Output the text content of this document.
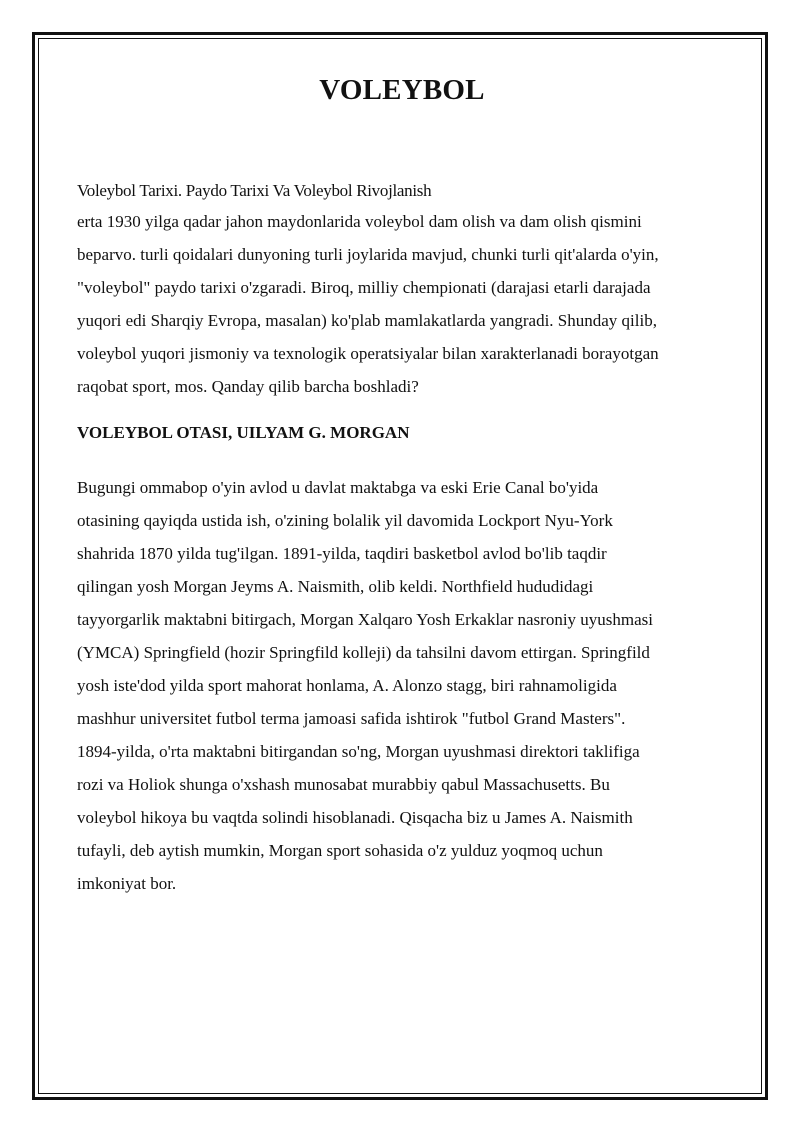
VOLEYBOL

Voleybol Tarixi. Paydo Tarixi Va Voleybol Rivojlanish

erta 1930 yilga qadar jahon maydonlarida voleybol dam olish va dam olish qismini
beparvo. turli qoidalari dunyoning turli joylarida mavjud, chunki turli qit'alarda o'yin,
"voleybol" paydo tarixi o'zgaradi. Biroq, milliy chempionati (darajasi etarli darajada
yuqori edi Sharqiy Evropa, masalan) ko'plab mamlakatlarda yangradi. Shunday qilib,
voleybol yuqori jismoniy va texnologik operatsiyalar bilan xarakterlanadi borayotgan
raqobat sport, mos. Qanday qilib barcha boshladi?

VOLEYBOL OTASI, UILYAM G. MORGAN

Bugungi ommabop o'yin avlod u davlat maktabga va eski Erie Canal bo'yida
otasining qayiqda ustida ish, o'zining bolalik yil davomida Lockport Nyu-York
shahrida 1870 yilda tug'ilgan. 1891-yilda, taqdiri basketbol avlod bo'lib taqdir
qilingan yosh Morgan Jeyms A. Naismith, olib keldi. Northfield hududidagi
tayyorgarlik maktabni bitirgach, Morgan Xalqaro Yosh Erkaklar nasroniy uyushmasi
(YMCA) Springfield (hozir Springfild kolleji) da tahsilni davom ettirgan. Springfild
yosh iste'dod yilda sport mahorat honlama, A. Alonzo stagg, biri rahnamoligida
mashhur universitet futbol terma jamoasi safida ishtirok "futbol Grand Masters".
1894-yilda, o'rta maktabni bitirgandan so'ng, Morgan uyushmasi direktori taklifiga
rozi va Holiok shunga o'xshash munosabat murabbiy qabul Massachusetts. Bu
voleybol hikoya bu vaqtda solindi hisoblanadi. Qisqacha biz u James A. Naismith
tufayli, deb aytish mumkin, Morgan sport sohasida o'z yulduz yoqmoq uchun
imkoniyat bor.
